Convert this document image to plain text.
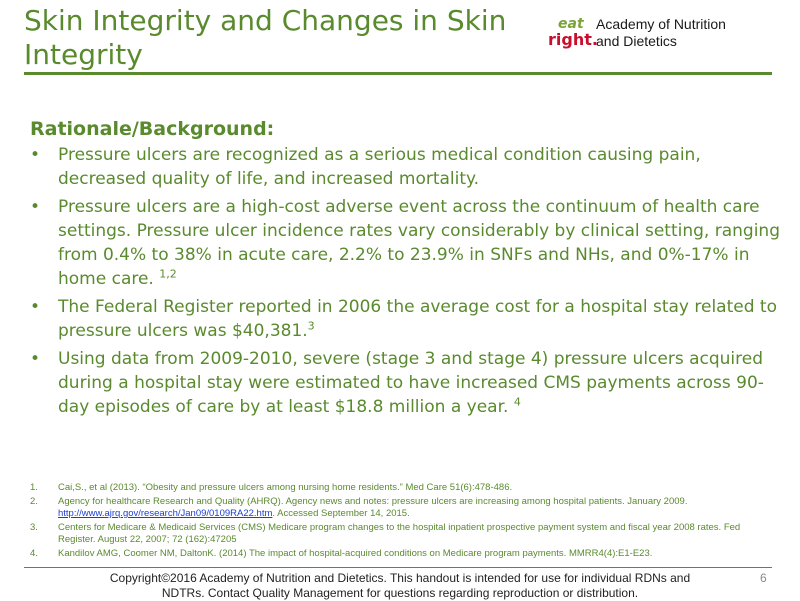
Skin Integrity and Changes in Skin Integrity
eat
right.
Academy of Nutrition
and Dietetics
Rationale/Background:
• Pressure ulcers are recognized as a serious medical condition causing pain, decreased quality of life, and increased mortality.
• Pressure ulcers are a high-cost adverse event across the continuum of health care settings. Pressure ulcer incidence rates vary considerably by clinical setting, ranging from 0.4% to 38% in acute care, 2.2% to 23.9% in SNFs and NHs, and 0%-17% in home care. $^{1,2}$
• The Federal Register reported in 2006 the average cost for a hospital stay related to pressure ulcers was $40,381.$^3$
• Using data from 2009-2010, severe (stage 3 and stage 4) pressure ulcers acquired during a hospital stay were estimated to have increased CMS payments across 90-day episodes of care by at least $18.8 million a year. $^4$
1. Cai,S., et al (2013). “Obesity and pressure ulcers among nursing home residents.” Med Care 51(6):478-486.
2. Agency for healthcare Research and Quality (AHRQ). Agency news and notes: pressure ulcers are increasing among hospital patients. January 2009. http://www.ajrq.gov/research/Jan09/0109RA22.htm. Accessed September 14, 2015.
3. Centers for Medicare & Medicaid Services (CMS) Medicare program changes to the hospital inpatient prospective payment system and fiscal year 2008 rates. Fed Register. August 22, 2007; 72 (162):47205
4. Kandilov AMG, Coomer NM, DaltonK. (2014) The impact of hospital-acquired conditions on Medicare program payments. MMRR4(4):E1-E23.
Copyright©2016 Academy of Nutrition and Dietetics. This handout is intended for use for individual RDNs and NDTRs. Contact Quality Management for questions regarding reproduction or distribution.
6
